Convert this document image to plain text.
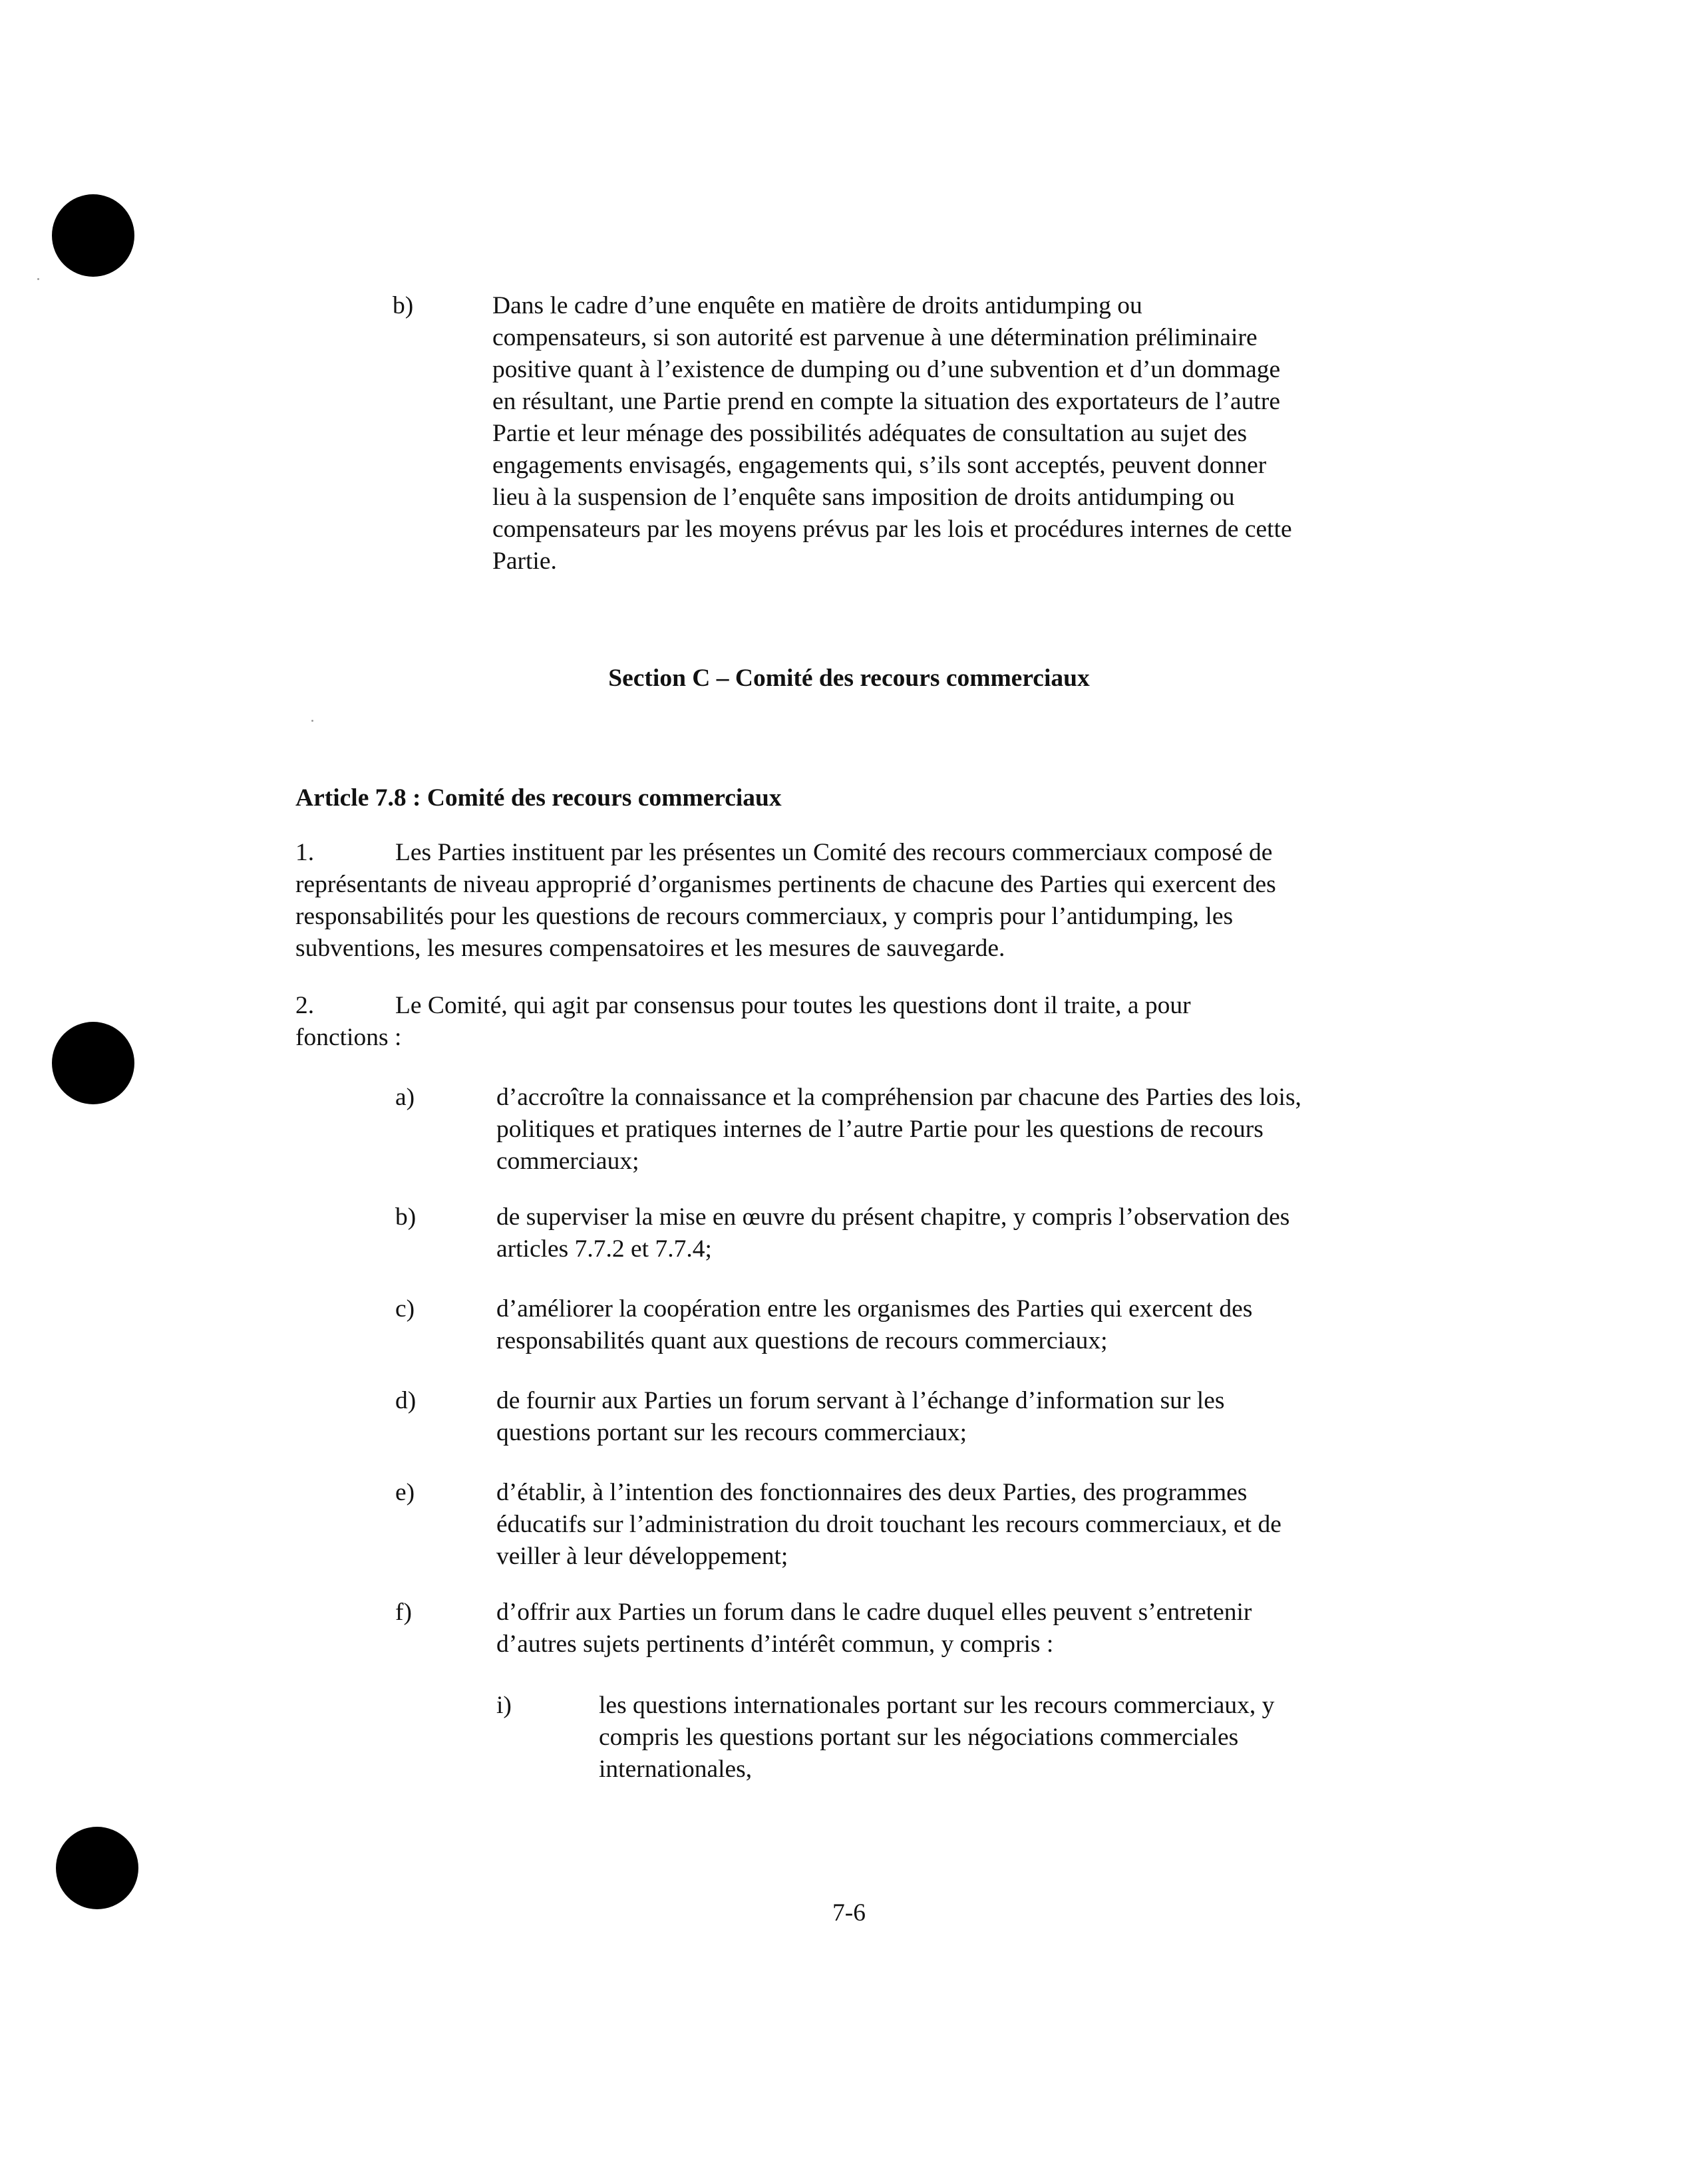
b)	Dans le cadre d’une enquête en matière de droits antidumping ou
compensateurs, si son autorité est parvenue à une détermination préliminaire
positive quant à l’existence de dumping ou d’une subvention et d’un dommage
en résultant, une Partie prend en compte la situation des exportateurs de l’autre
Partie et leur ménage des possibilités adéquates de consultation au sujet des
engagements envisagés, engagements qui, s’ils sont acceptés, peuvent donner
lieu à la suspension de l’enquête sans imposition de droits antidumping ou
compensateurs par les moyens prévus par les lois et procédures internes de cette
Partie.
Section C – Comité des recours commerciaux
Article 7.8 : Comité des recours commerciaux
1.	Les Parties instituent par les présentes un Comité des recours commerciaux composé de
représentants de niveau approprié d’organismes pertinents de chacune des Parties qui exercent des
responsabilités pour les questions de recours commerciaux, y compris pour l’antidumping, les
subventions, les mesures compensatoires et les mesures de sauvegarde.
2.	Le Comité, qui agit par consensus pour toutes les questions dont il traite, a pour
fonctions :
a)	d’accroître la connaissance et la compréhension par chacune des Parties des lois,
politiques et pratiques internes de l’autre Partie pour les questions de recours
commerciaux;
b)	de superviser la mise en œuvre du présent chapitre, y compris l’observation des
articles 7.7.2 et 7.7.4;
c)	d’améliorer la coopération entre les organismes des Parties qui exercent des
responsabilités quant aux questions de recours commerciaux;
d)	de fournir aux Parties un forum servant à l’échange d’information sur les
questions portant sur les recours commerciaux;
e)	d’établir, à l’intention des fonctionnaires des deux Parties, des programmes
éducatifs sur l’administration du droit touchant les recours commerciaux, et de
veiller à leur développement;
f)	d’offrir aux Parties un forum dans le cadre duquel elles peuvent s’entretenir
d’autres sujets pertinents d’intérêt commun, y compris :
i)	les questions internationales portant sur les recours commerciaux, y
compris les questions portant sur les négociations commerciales
internationales,
7-6
